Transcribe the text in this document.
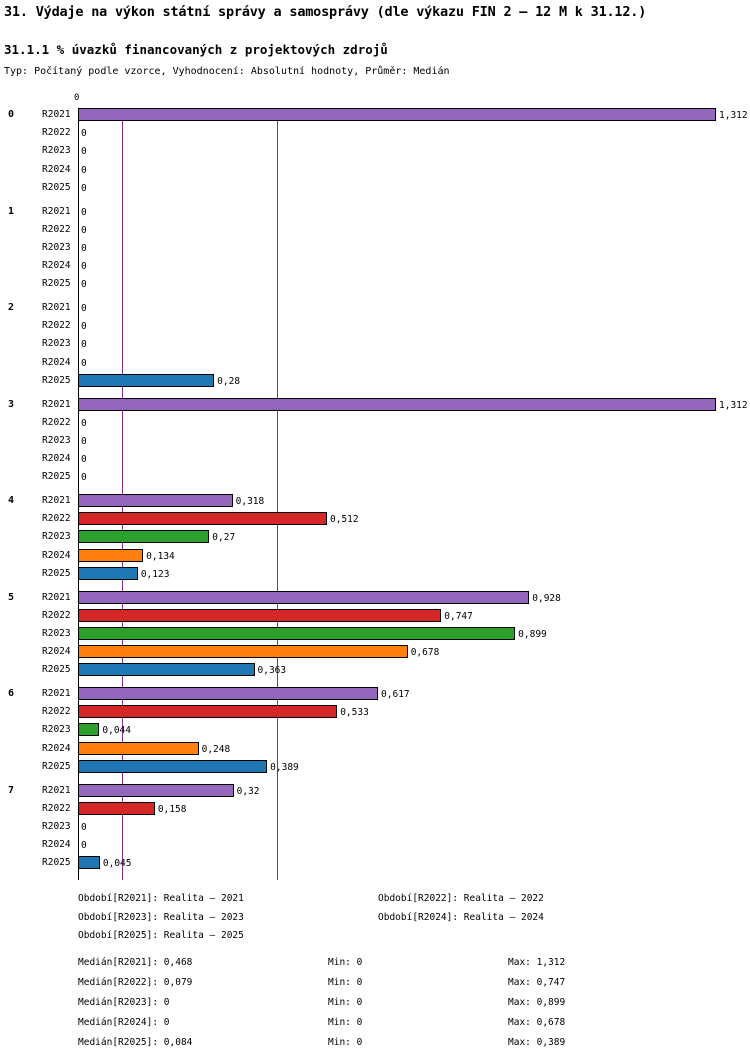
31. Výdaje na výkon státní správy a samosprávy (dle výkazu FIN 2 – 12 M k 31.12.)
31.1.1 % úvazků financovaných z projektových zdrojů
Typ: Počítaný podle vzorce, Vyhodnocení: Absolutní hodnoty, Průměr: Medián
0
1,312
0
0
0
0
0
0
0
0
0
0
0
0
0
0,28
1,312
0
0
0
0
0,318
0,512
0,27
0,134
0,123
0,928
0,747
0,899
0,678
0,363
0,617
0,533
0,044
0,248
0,389
0,32
0,158
0
0
0,045
Období[R2021]: Realita – 2021	Období[R2022]: Realita – 2022
Období[R2023]: Realita – 2023	Období[R2024]: Realita – 2024
Období[R2025]: Realita – 2025
Medián[R2021]: 0,468	Min: 0	Max: 1,312
Medián[R2022]: 0,079	Min: 0	Max: 0,747
Medián[R2023]: 0	Min: 0	Max: 0,899
Medián[R2024]: 0	Min: 0	Max: 0,678
Medián[R2025]: 0,084	Min: 0	Max: 0,389
0	R2021
R2022
R2023
R2024
R2025
1	R2021
R2022
R2023
R2024
R2025
2	R2021
R2022
R2023
R2024
R2025
3	R2021
R2022
R2023
R2024
R2025
4	R2021
R2022
R2023
R2024
R2025
5	R2021
R2022
R2023
R2024
R2025
6	R2021
R2022
R2023
R2024
R2025
7	R2021
R2022
R2023
R2024
R2025
